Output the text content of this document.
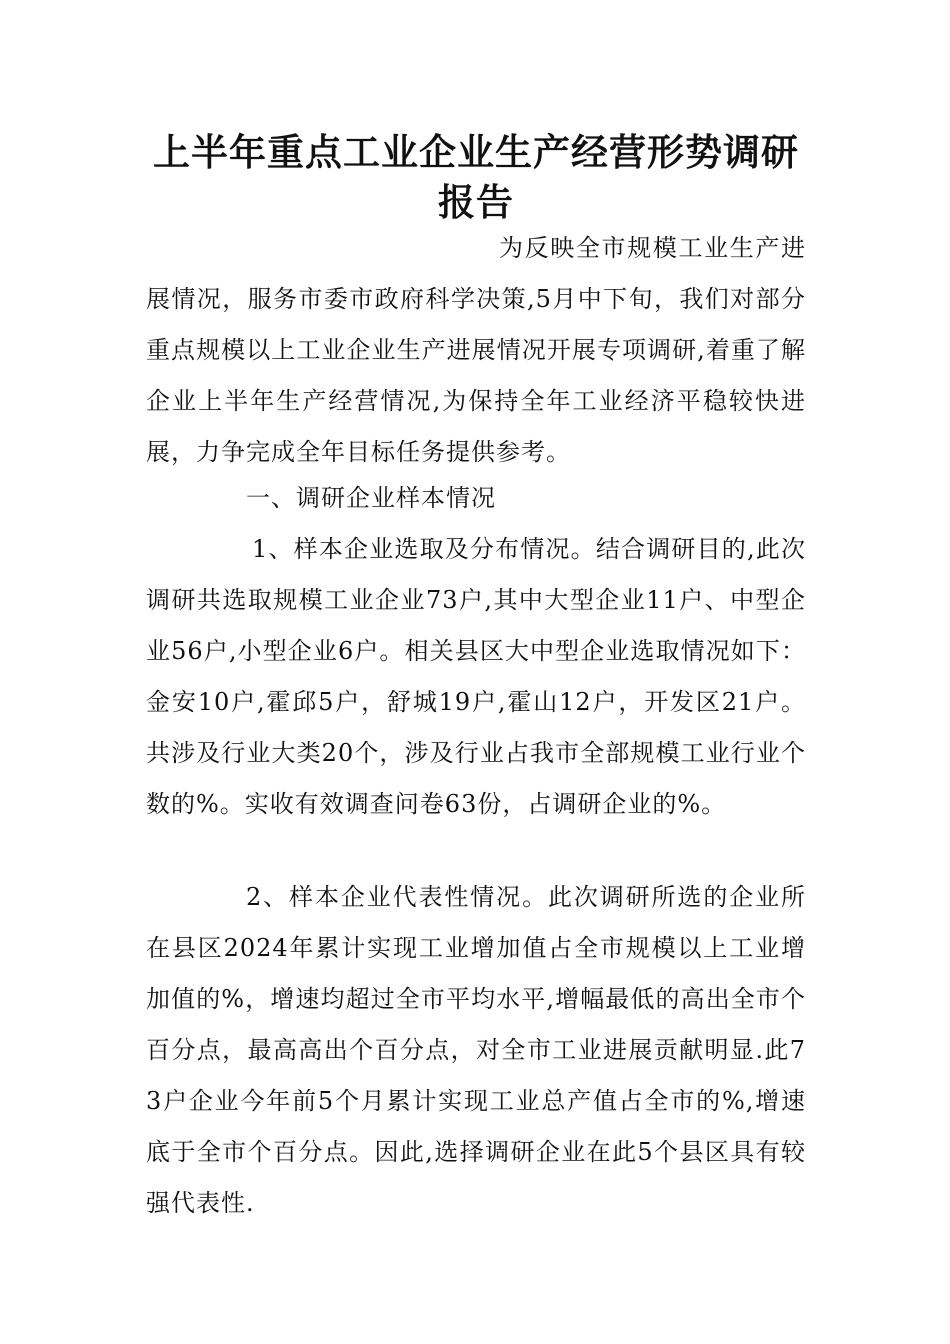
上半年重点工业企业生产经营形势调研报告

为反映全市规模工业生产进展情况，服务市委市政府科学决策,5月中下旬，我们对部分重点规模以上工业企业生产进展情况开展专项调研,着重了解企业上半年生产经营情况,为保持全年工业经济平稳较快进展，力争完成全年目标任务提供参考。

一、调研企业样本情况

1、样本企业选取及分布情况。结合调研目的,此次调研共选取规模工业企业73户,其中大型企业11户、中型企业56户,小型企业6户。相关县区大中型企业选取情况如下：金安10户,霍邱5户，舒城19户,霍山12户，开发区21户。共涉及行业大类20个，涉及行业占我市全部规模工业行业个数的%。实收有效调查问卷63份，占调研企业的%。

2、样本企业代表性情况。此次调研所选的企业所在县区2024年累计实现工业增加值占全市规模以上工业增加值的%，增速均超过全市平均水平,增幅最低的高出全市个百分点，最高高出个百分点，对全市工业进展贡献明显.此73户企业今年前5个月累计实现工业总产值占全市的%,增速底于全市个百分点。因此,选择调研企业在此5个县区具有较强代表性.
